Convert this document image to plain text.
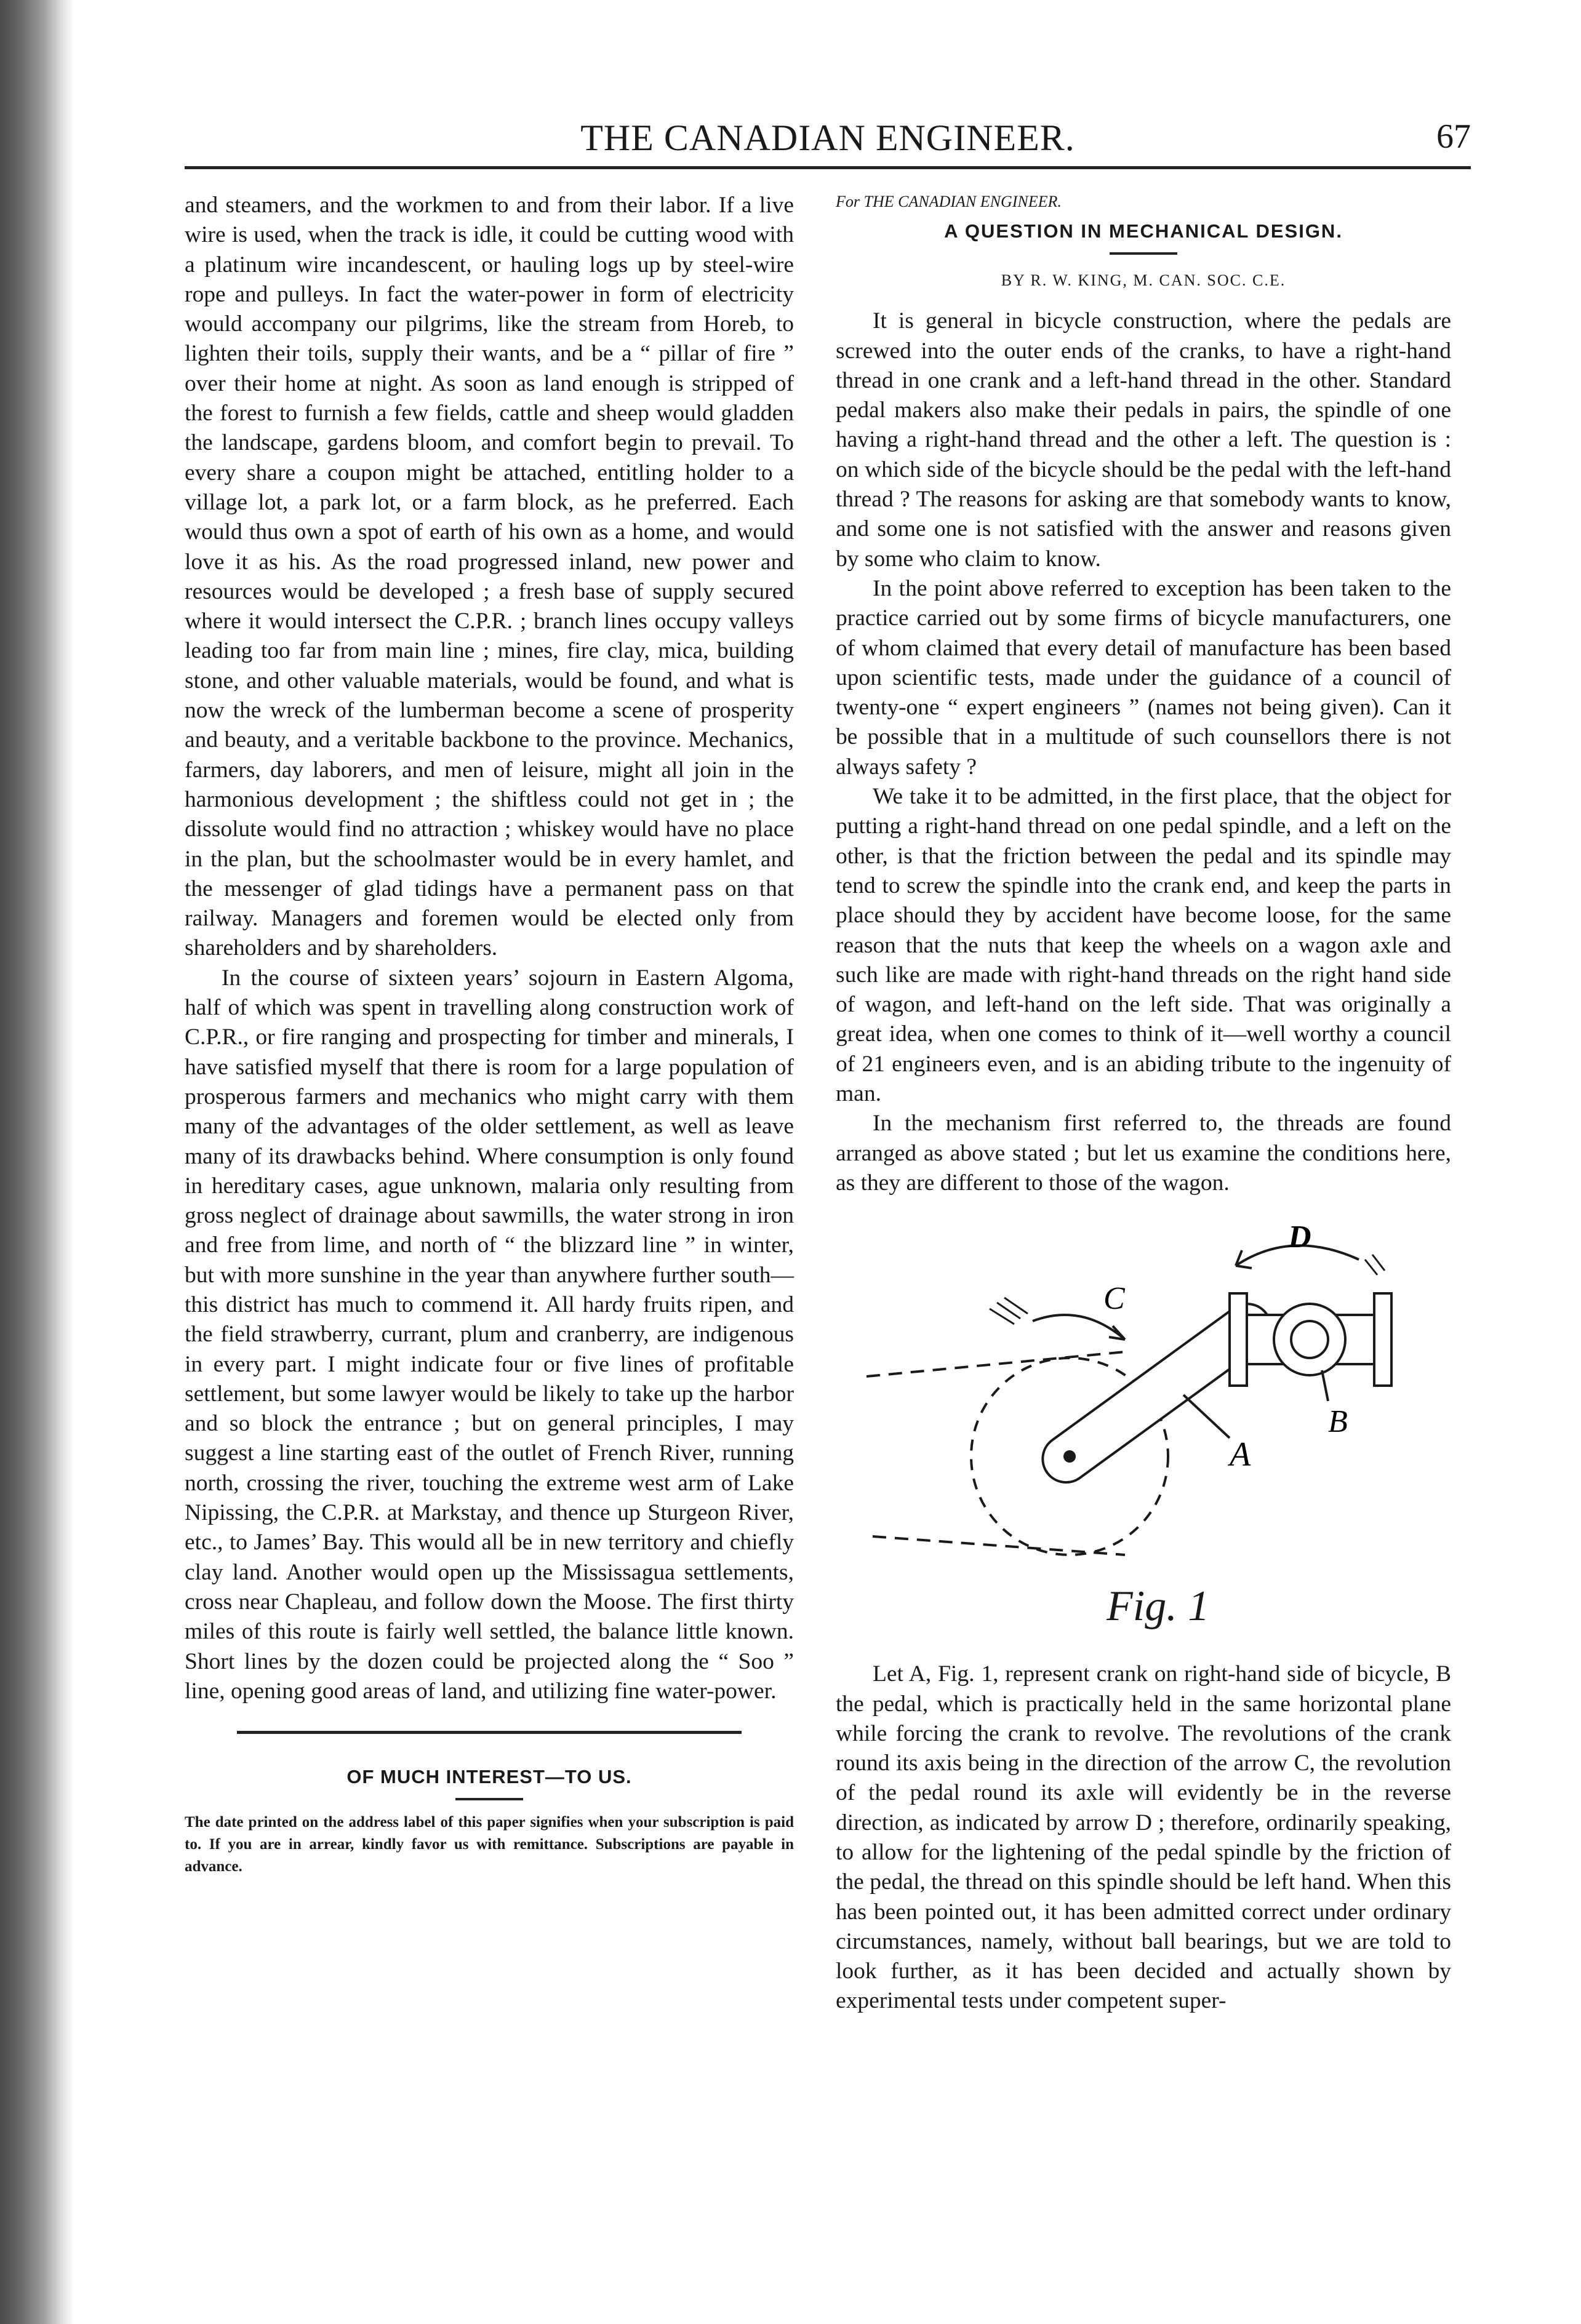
THE CANADIAN ENGINEER.	67

and steamers, and the workmen to and from their labor. If a live wire is used, when the track is idle, it could be cutting wood with a platinum wire incandescent, or hauling logs up by steel-wire rope and pulleys. In fact the water-power in form of electricity would accompany our pilgrims, like the stream from Horeb, to lighten their toils, supply their wants, and be a “ pillar of fire ” over their home at night. As soon as land enough is stripped of the forest to furnish a few fields, cattle and sheep would gladden the landscape, gardens bloom, and comfort begin to prevail. To every share a coupon might be attached, entitling holder to a village lot, a park lot, or a farm block, as he preferred. Each would thus own a spot of earth of his own as a home, and would love it as his. As the road progressed inland, new power and resources would be developed ; a fresh base of supply secured where it would intersect the C.P.R. ; branch lines occupy valleys leading too far from main line ; mines, fire clay, mica, building stone, and other valuable materials, would be found, and what is now the wreck of the lumberman become a scene of prosperity and beauty, and a veritable backbone to the province. Mechanics, farmers, day laborers, and men of leisure, might all join in the harmonious development ; the shiftless could not get in ; the dissolute would find no attraction ; whiskey would have no place in the plan, but the schoolmaster would be in every hamlet, and the messenger of glad tidings have a permanent pass on that railway. Managers and foremen would be elected only from shareholders and by shareholders.

In the course of sixteen years’ sojourn in Eastern Algoma, half of which was spent in travelling along construction work of C.P.R., or fire ranging and prospecting for timber and minerals, I have satisfied myself that there is room for a large population of prosperous farmers and mechanics who might carry with them many of the advantages of the older settlement, as well as leave many of its drawbacks behind. Where consumption is only found in hereditary cases, ague unknown, malaria only resulting from gross neglect of drainage about sawmills, the water strong in iron and free from lime, and north of “ the blizzard line ” in winter, but with more sunshine in the year than anywhere further south—this district has much to commend it. All hardy fruits ripen, and the field strawberry, currant, plum and cranberry, are indigenous in every part. I might indicate four or five lines of profitable settlement, but some lawyer would be likely to take up the harbor and so block the entrance ; but on general principles, I may suggest a line starting east of the outlet of French River, running north, crossing the river, touching the extreme west arm of Lake Nipissing, the C.P.R. at Markstay, and thence up Sturgeon River, etc., to James’ Bay. This would all be in new territory and chiefly clay land. Another would open up the Mississagua settlements, cross near Chapleau, and follow down the Moose. The first thirty miles of this route is fairly well settled, the balance little known. Short lines by the dozen could be projected along the “ Soo ” line, opening good areas of land, and utilizing fine water-power.

OF MUCH INTEREST—TO US.
The date printed on the address label of this paper signifies when your subscription is paid to. If you are in arrear, kindly favor us with remittance. Subscriptions are payable in advance.
For THE CANADIAN ENGINEER.
A QUESTION IN MECHANICAL DESIGN.
BY R. W. KING, M. CAN. SOC. C.E.

It is general in bicycle construction, where the pedals are screwed into the outer ends of the cranks, to have a right-hand thread in one crank and a left-hand thread in the other. Standard pedal makers also make their pedals in pairs, the spindle of one having a right-hand thread and the other a left. The question is : on which side of the bicycle should be the pedal with the left-hand thread ? The reasons for asking are that somebody wants to know, and some one is not satisfied with the answer and reasons given by some who claim to know.

In the point above referred to exception has been taken to the practice carried out by some firms of bicycle manufacturers, one of whom claimed that every detail of manufacture has been based upon scientific tests, made under the guidance of a council of twenty-one “ expert engineers ” (names not being given). Can it be possible that in a multitude of such counsellors there is not always safety ?

We take it to be admitted, in the first place, that the object for putting a right-hand thread on one pedal spindle, and a left on the other, is that the friction between the pedal and its spindle may tend to screw the spindle into the crank end, and keep the parts in place should they by accident have become loose, for the same reason that the nuts that keep the wheels on a wagon axle and such like are made with right-hand threads on the right hand side of wagon, and left-hand on the left side. That was originally a great idea, when one comes to think of it—well worthy a council of 21 engineers even, and is an abiding tribute to the ingenuity of man.

In the mechanism first referred to, the threads are found arranged as above stated ; but let us examine the conditions here, as they are different to those of the wagon.

C
D
A
B
Fig. 1

Let A, Fig. 1, represent crank on right-hand side of bicycle, B the pedal, which is practically held in the same horizontal plane while forcing the crank to revolve. The revolutions of the crank round its axis being in the direction of the arrow C, the revolution of the pedal round its axle will evidently be in the reverse direction, as indicated by arrow D ; therefore, ordinarily speaking, to allow for the lightening of the pedal spindle by the friction of the pedal, the thread on this spindle should be left hand. When this has been pointed out, it has been admitted correct under ordinary circumstances, namely, without ball bearings, but we are told to look further, as it has been decided and actually shown by experimental tests under competent super-
